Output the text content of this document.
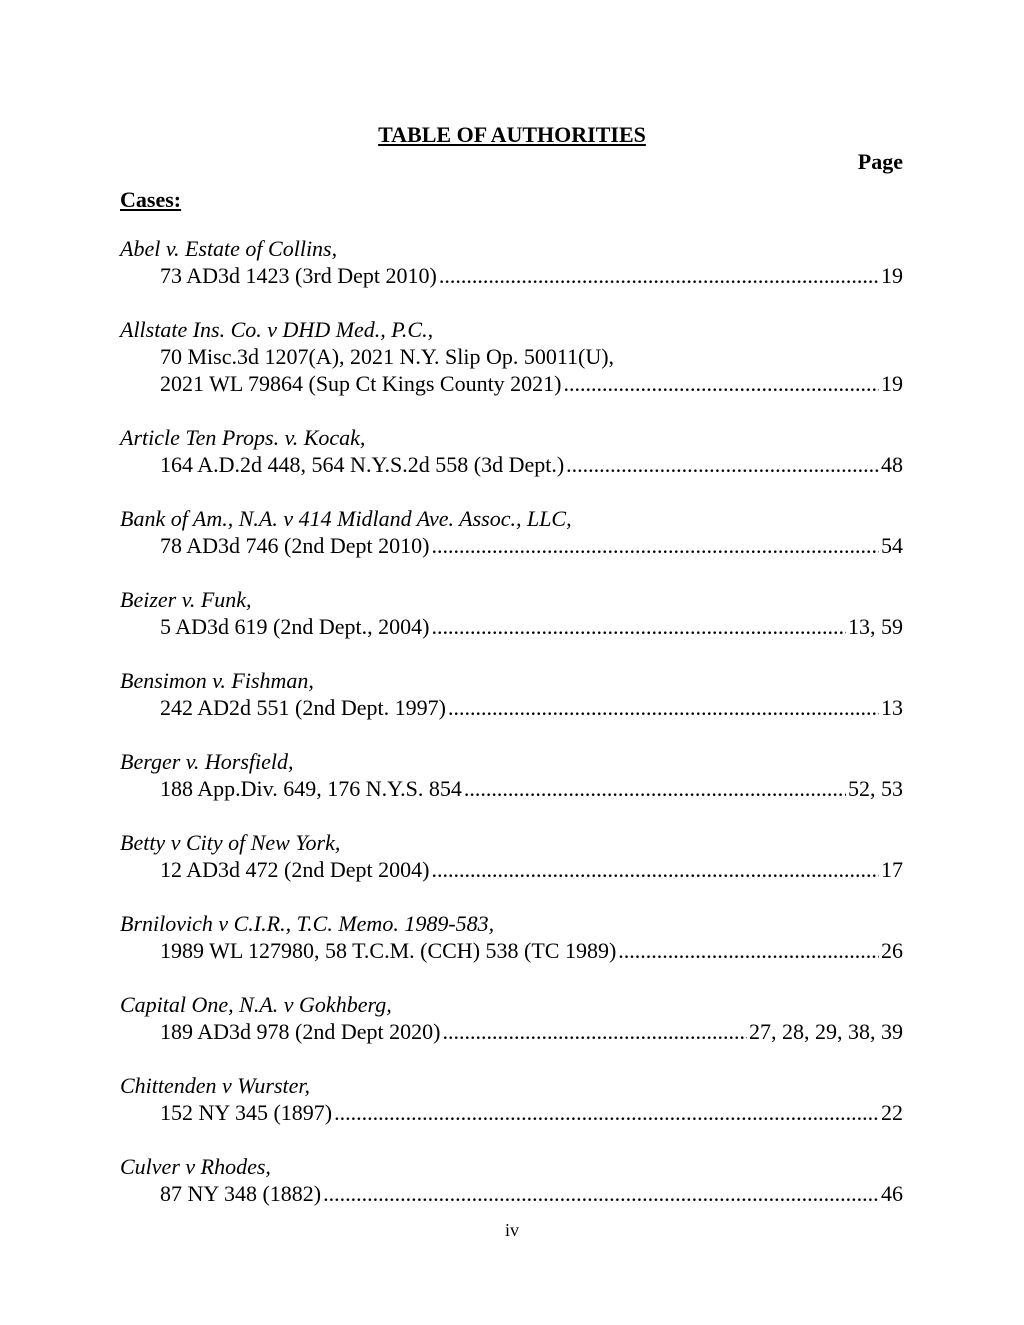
TABLE OF AUTHORITIES
Page
Cases:
Abel v. Estate of Collins,
73 AD3d 1423 (3rd Dept 2010) .....	19
Allstate Ins. Co. v DHD Med., P.C.,
70 Misc.3d 1207(A), 2021 N.Y. Slip Op. 50011(U),
2021 WL 79864 (Sup Ct Kings County 2021) .....	19
Article Ten Props. v. Kocak,
164 A.D.2d 448, 564 N.Y.S.2d 558 (3d Dept.) .....	48
Bank of Am., N.A. v 414 Midland Ave. Assoc., LLC,
78 AD3d 746 (2nd Dept 2010) .....	54
Beizer v. Funk,
5 AD3d 619 (2nd Dept., 2004) .....	13, 59
Bensimon v. Fishman,
242 AD2d 551 (2nd Dept. 1997) .....	13
Berger v. Horsfield,
188 App.Div. 649, 176 N.Y.S. 854 .....	52, 53
Betty v City of New York,
12 AD3d 472 (2nd Dept 2004) .....	17
Brnilovich v C.I.R., T.C. Memo. 1989-583,
1989 WL 127980, 58 T.C.M. (CCH) 538 (TC 1989) .....	26
Capital One, N.A. v Gokhberg,
189 AD3d 978 (2nd Dept 2020) .....	27, 28, 29, 38, 39
Chittenden v Wurster,
152 NY 345 (1897) .....	22
Culver v Rhodes,
87 NY 348 (1882) .....	46
iv
